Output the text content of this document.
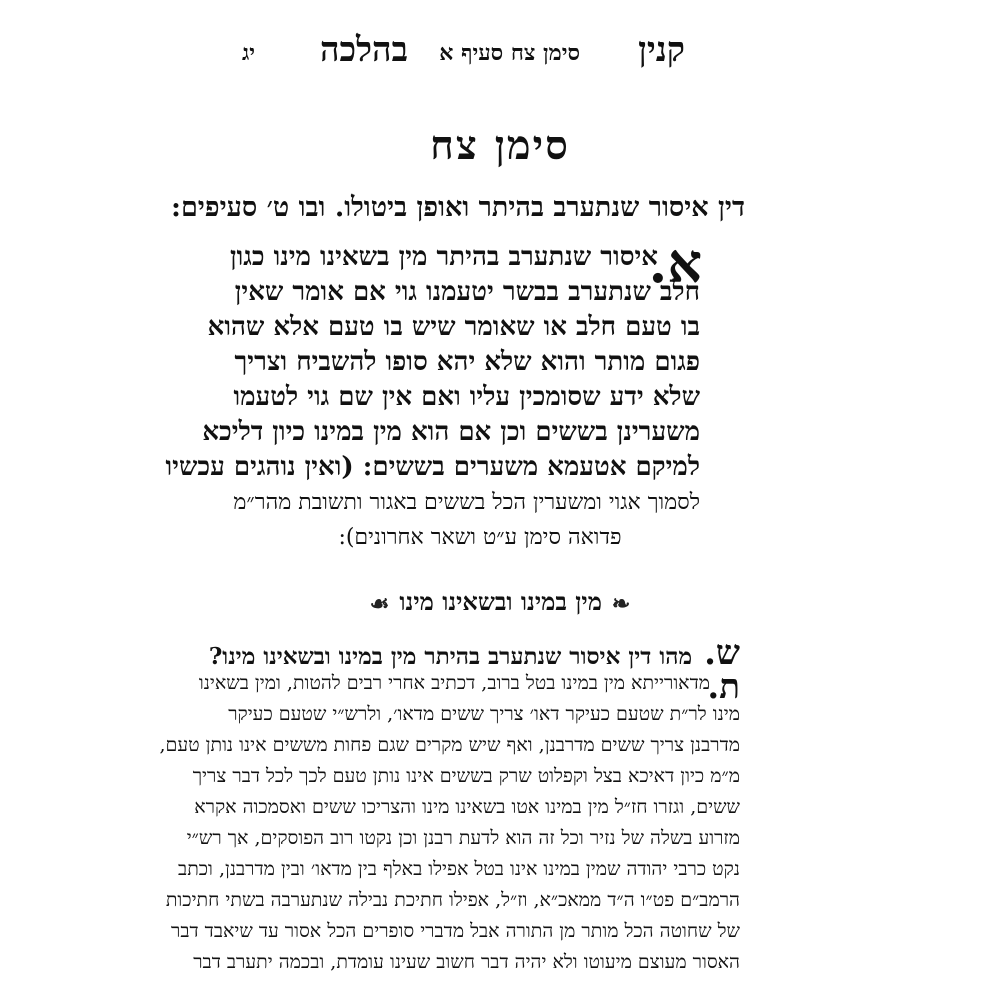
קנין
סימן צח סעיף א
בהלכה
יג
סימן צח
דין איסור שנתערב בהיתר ואופן ביטולו. ובו ט׳ סעיפים:
א.
איסור שנתערב בהיתר מין בשאינו מינו כגון
חלב שנתערב בבשר יטעמנו גוי אם אומר שאין
בו טעם חלב או שאומר שיש בו טעם אלא שהוא
פגום מותר והוא שלא יהא סופו להשביח וצריך
שלא ידע שסומכין עליו ואם אין שם גוי לטעמו
משערינן בששים וכן אם הוא מין במינו כיון דליכא
למיקם אטעמא משערים בששים: (ואין נוהגים עכשיו
לסמוך אגוי ומשערין הכל בששים באגור ותשובת מהר״מ
פדואה סימן ע״ט ושאר אחרונים):
❧מין במינו ובשאינו מינו☙
ש.מהו דין איסור שנתערב בהיתר מין במינו ובשאינו מינו?
ת.
מדאורייתא מין במינו בטל ברוב, דכתיב אחרי רבים להטות, ומין בשאינו
מינו לר״ת שטעם כעיקר דאו׳ צריך ששים מדאו׳, ולרש״י שטעם כעיקר
מדרבנן צריך ששים מדרבנן, ואף שיש מקרים שגם פחות מששים אינו נותן טעם,
מ״מ כיון דאיכא בצל וקפלוט שרק בששים אינו נותן טעם לכך לכל דבר צריך
ששים, וגזרו חז״ל מין במינו אטו בשאינו מינו והצריכו ששים ואסמכוה אקרא
מזרוע בשלה של נזיר וכל זה הוא לדעת רבנן וכן נקטו רוב הפוסקים, אך רש״י
נקט כרבי יהודה שמין במינו אינו בטל אפילו באלף בין מדאו׳ ובין מדרבנן, וכתב
הרמב״ם פט״ו ה״ד ממאכ״א, וז״ל, אפילו חתיכת נבילה שנתערבה בשתי חתיכות
של שחוטה הכל מותר מן התורה אבל מדברי סופרים הכל אסור עד שיאבד דבר
האסור מעוצם מיעוטו ולא יהיה דבר חשוב שעינו עומדת, ובכמה יתערב דבר
